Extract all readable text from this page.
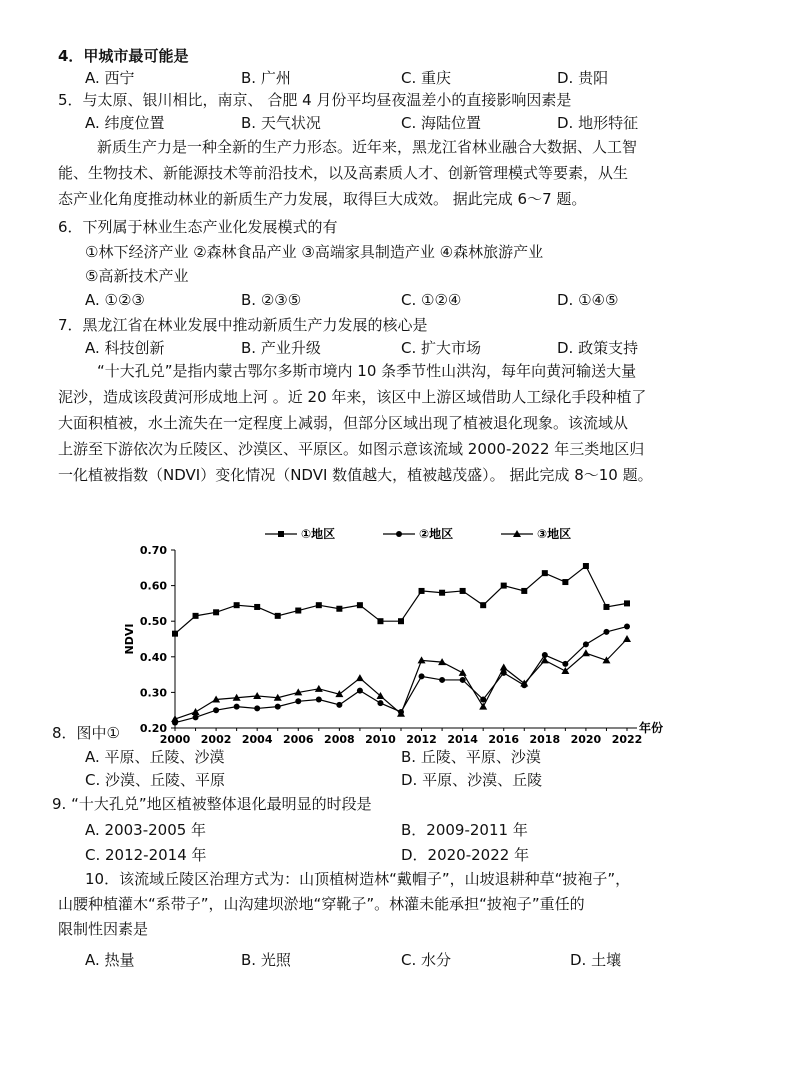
4．甲城市最可能是
A. 西宁	B. 广州	C. 重庆	D. 贵阳
5．与太原、银川相比，南京、 合肥 4 月份平均昼夜温差小的直接影响因素是
A. 纬度位置	B. 天气状况	C. 海陆位置	D. 地形特征
新质生产力是一种全新的生产力形态。近年来，黑龙江省林业融合大数据、人工智
能、生物技术、新能源技术等前沿技术，以及高素质人才、创新管理模式等要素，从生
态产业化角度推动林业的新质生产力发展，取得巨大成效。 据此完成 6～7 题。
6．下列属于林业生态产业化发展模式的有
①林下经济产业 ②森林食品产业 ③高端家具制造产业 ④森林旅游产业
⑤高新技术产业
A. ①②③	B. ②③⑤	C. ①②④	D. ①④⑤
7．黑龙江省在林业发展中推动新质生产力发展的核心是
A. 科技创新	B. 产业升级	C. 扩大市场	D. 政策支持
“十大孔兑”是指内蒙古鄂尔多斯市境内 10 条季节性山洪沟，每年向黄河输送大量
泥沙，造成该段黄河形成地上河 。近 20 年来，该区中上游区域借助人工绿化手段种植了
大面积植被，水土流失在一定程度上减弱，但部分区域出现了植被退化现象。该流域从
上游至下游依次为丘陵区、沙漠区、平原区。如图示意该流域 2000-2022 年三类地区归
一化植被指数（NDVI）变化情况（NDVI 数值越大，植被越茂盛）。 据此完成 8～10 题。
0.20
0.30
0.40
0.50
0.60
0.70
2000 2002 2004 2006 2008 2010 2012 2014 2016 2018 2020 2022
NDVI
年份
①地区	②地区	③地区
8．图中①
A. 平原、丘陵、沙漠	B. 丘陵、平原、沙漠
C. 沙漠、丘陵、平原	D. 平原、沙漠、丘陵
9. “十大孔兑”地区植被整体退化最明显的时段是
A. 2003-2005 年	B．2009-2011 年
C. 2012-2014 年	D．2020-2022 年
10．该流域丘陵区治理方式为：山顶植树造林“戴帽子”，山坡退耕种草“披袍子”，
山腰种植灌木“系带子”，山沟建坝淤地“穿靴子”。林灌未能承担“披袍子”重任的
限制性因素是
A. 热量	B. 光照	C. 水分	D. 土壤
